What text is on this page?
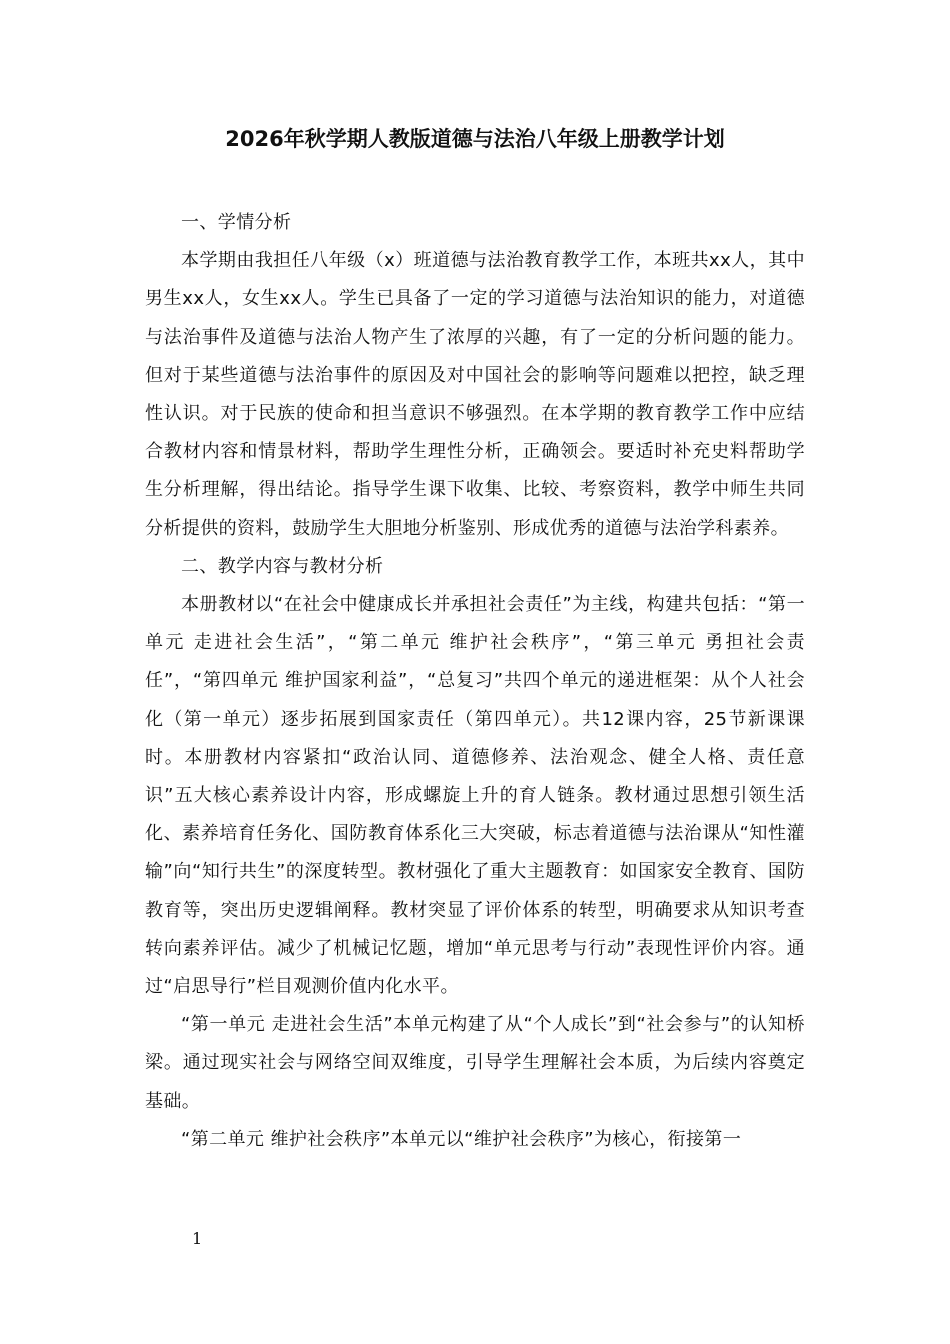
2026年秋学期人教版道德与法治八年级上册教学计划

一、学情分析

本学期由我担任八年级（x）班道德与法治教育教学工作，本班共xx人，其中男生xx人，女生xx人。学生已具备了一定的学习道德与法治知识的能力，对道德与法治事件及道德与法治人物产生了浓厚的兴趣，有了一定的分析问题的能力。但对于某些道德与法治事件的原因及对中国社会的影响等问题难以把控，缺乏理性认识。对于民族的使命和担当意识不够强烈。在本学期的教育教学工作中应结合教材内容和情景材料，帮助学生理性分析，正确领会。要适时补充史料帮助学生分析理解，得出结论。指导学生课下收集、比较、考察资料，教学中师生共同分析提供的资料，鼓励学生大胆地分析鉴别、形成优秀的道德与法治学科素养。

二、教学内容与教材分析

本册教材以“在社会中健康成长并承担社会责任”为主线，构建共包括：“第一单元 走进社会生活”，“第二单元 维护社会秩序”，“第三单元 勇担社会责任”，“第四单元 维护国家利益”，“总复习”共四个单元的递进框架：从个人社会化（第一单元）逐步拓展到国家责任（第四单元）。共12课内容，25节新课课时。本册教材内容紧扣“政治认同、道德修养、法治观念、健全人格、责任意识”五大核心素养设计内容，形成螺旋上升的育人链条。教材通过思想引领生活化、素养培育任务化、国防教育体系化三大突破，标志着道德与法治课从“知性灌输”向“知行共生”的深度转型。教材强化了重大主题教育：如国家安全教育、国防教育等，突出历史逻辑阐释。教材突显了评价体系的转型，明确要求从知识考查转向素养评估。减少了机械记忆题，增加“单元思考与行动”表现性评价内容。通过“启思导行”栏目观测价值内化水平。

“第一单元 走进社会生活”本单元构建了从“个人成长”到“社会参与”的认知桥梁。通过现实社会与网络空间双维度，引导学生理解社会本质，为后续内容奠定基础。

“第二单元 维护社会秩序”本单元以“维护社会秩序”为核心，衔接第一

1
